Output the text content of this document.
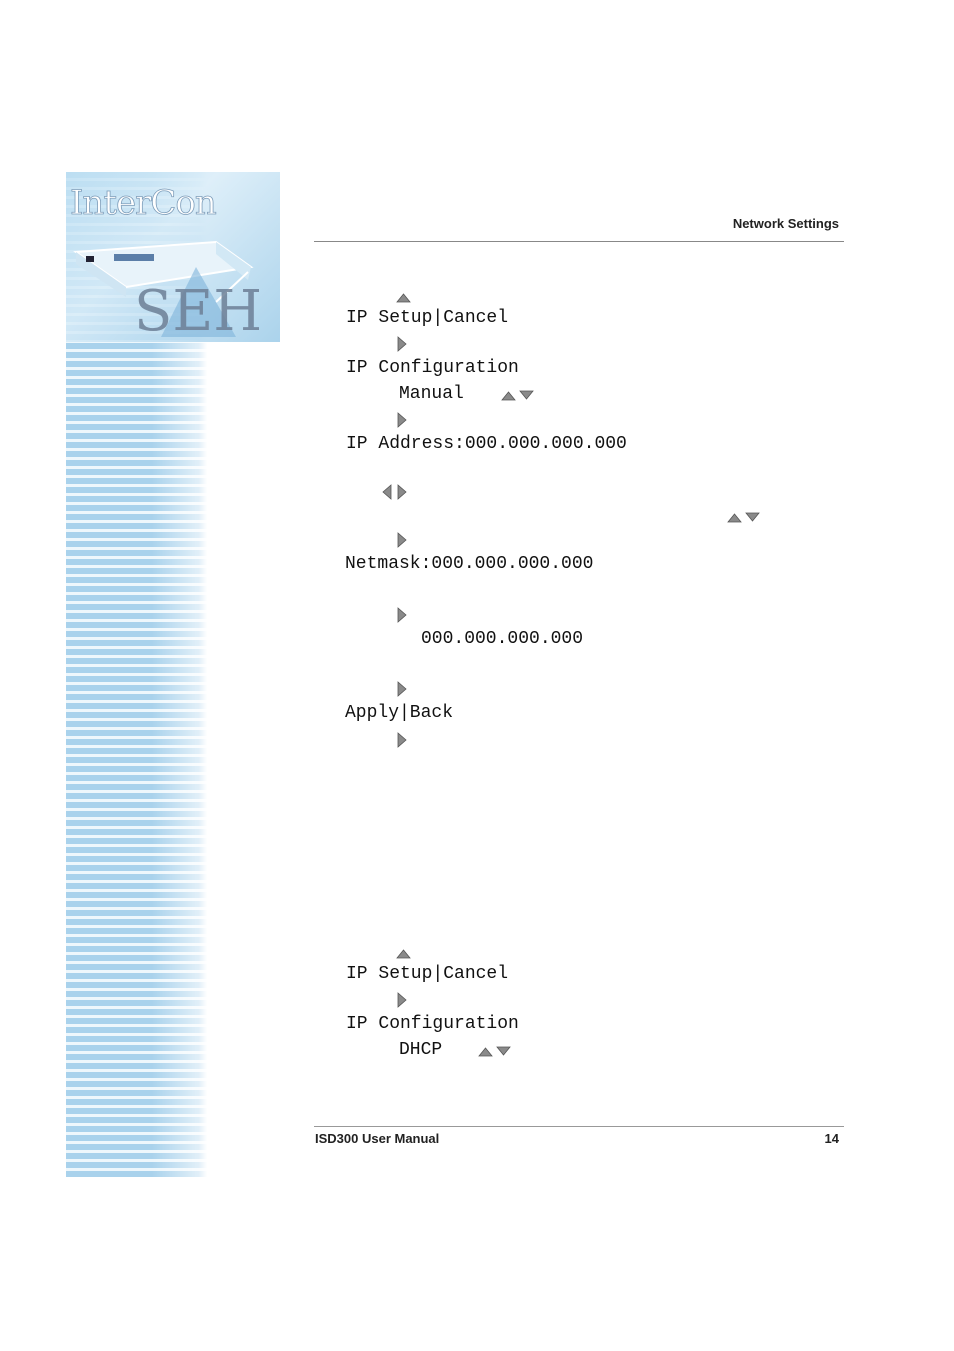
SEH
InterCon
Network Settings
IP Setup|Cancel
IP Configuration
Manual
IP Address:000.000.000.000
Netmask:000.000.000.000
000.000.000.000
Apply|Back
IP Setup|Cancel
IP Configuration
DHCP
ISD300 User Manual	14
